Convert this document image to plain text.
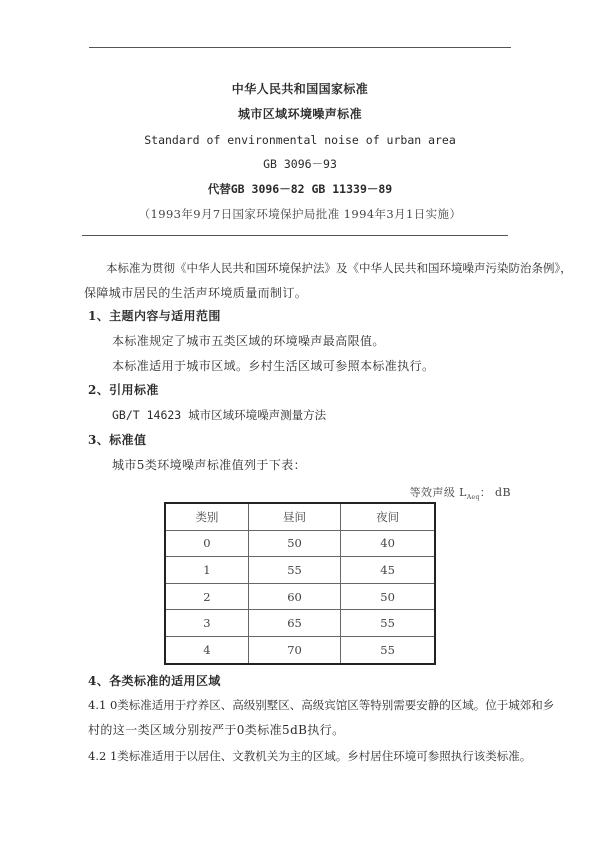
中华人民共和国国家标准
城市区域环境噪声标准
Standard of environmental noise of urban area
GB 3096－93
代替GB 3096－82 GB 11339－89
（1993年9月7日国家环境保护局批准 1994年3月1日实施）
本标准为贯彻《中华人民共和国环境保护法》及《中华人民共和国环境噪声污染防治条例》，
保障城市居民的生活声环境质量而制订。
1、主题内容与适用范围
本标准规定了城市五类区域的环境噪声最高限值。
本标准适用于城市区域。乡村生活区域可参照本标准执行。
2、引用标准
GB/T 14623 城市区域环境噪声测量方法
3、标准值
城市5类环境噪声标准值列于下表：
等效声级 $L_{Aeq}$： dB
类别	昼间	夜间
0	50	40
1	55	45
2	60	50
3	65	55
4	70	55
4、各类标准的适用区域
4.1 0类标准适用于疗养区、高级别墅区、高级宾馆区等特别需要安静的区域。位于城郊和乡
村的这一类区域分别按严于0类标准5dB执行。
4.2 1类标准适用于以居住、文教机关为主的区域。乡村居住环境可参照执行该类标准。
